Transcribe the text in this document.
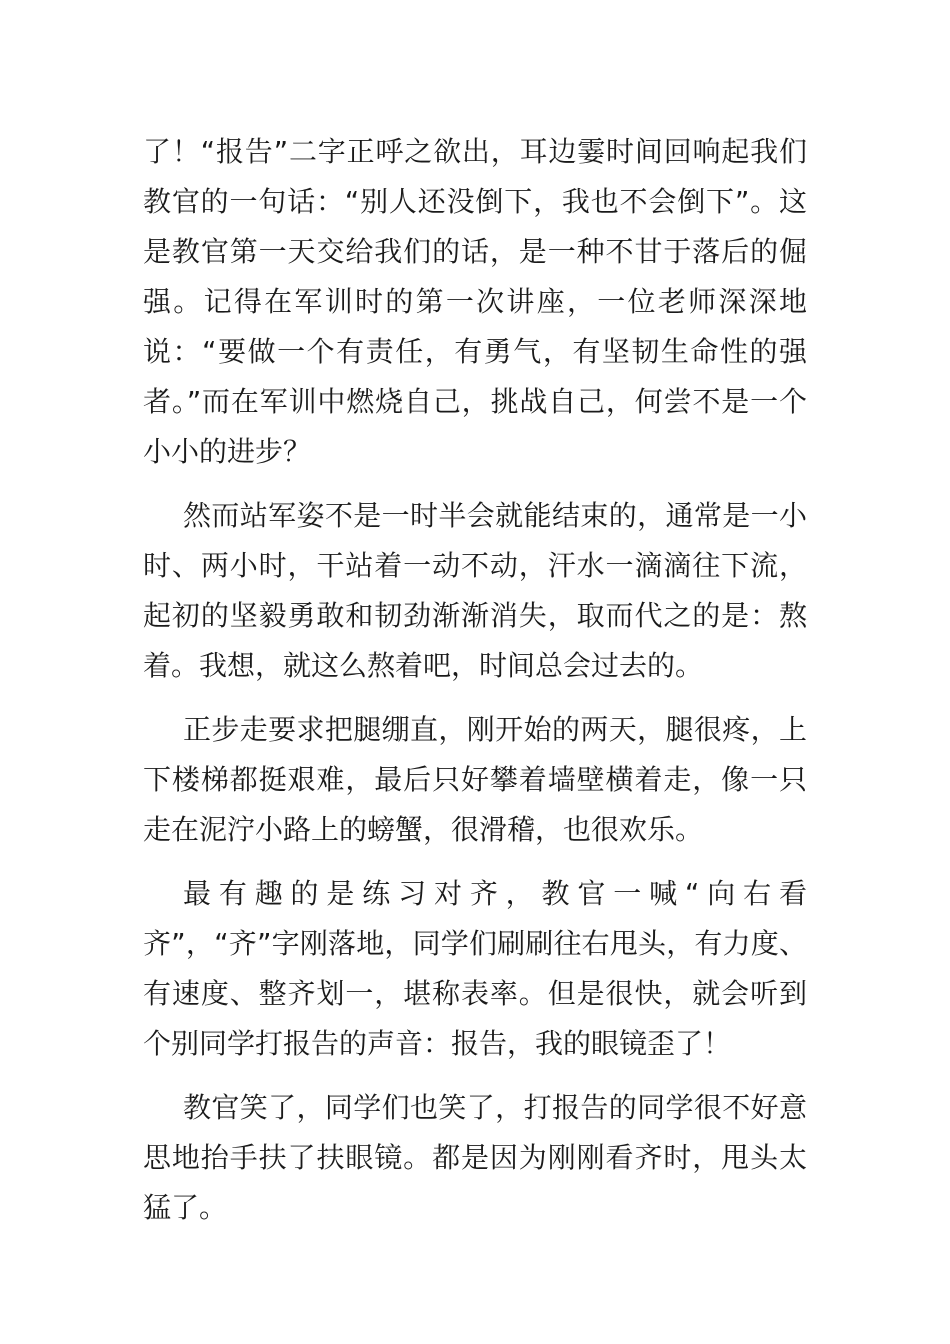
了！“报告”二字正呼之欲出，耳边霎时间回响起我们教官的一句话：“别人还没倒下，我也不会倒下”。这是教官第一天交给我们的话，是一种不甘于落后的倔强。记得在军训时的第一次讲座，一位老师深深地说：“要做一个有责任，有勇气，有坚韧生命性的强者。”而在军训中燃烧自己，挑战自己，何尝不是一个小小的进步？

然而站军姿不是一时半会就能结束的，通常是一小时、两小时，干站着一动不动，汗水一滴滴往下流，起初的坚毅勇敢和韧劲渐渐消失，取而代之的是：熬着。我想，就这么熬着吧，时间总会过去的。

正步走要求把腿绷直，刚开始的两天，腿很疼，上下楼梯都挺艰难，最后只好攀着墙壁横着走，像一只走在泥泞小路上的螃蟹，很滑稽，也很欢乐。

最有趣的是练习对齐，教官一喊“向右看齐”，“齐”字刚落地，同学们刷刷往右甩头，有力度、有速度、整齐划一，堪称表率。但是很快，就会听到个别同学打报告的声音：报告，我的眼镜歪了！

教官笑了，同学们也笑了，打报告的同学很不好意思地抬手扶了扶眼镜。都是因为刚刚看齐时，甩头太猛了。
